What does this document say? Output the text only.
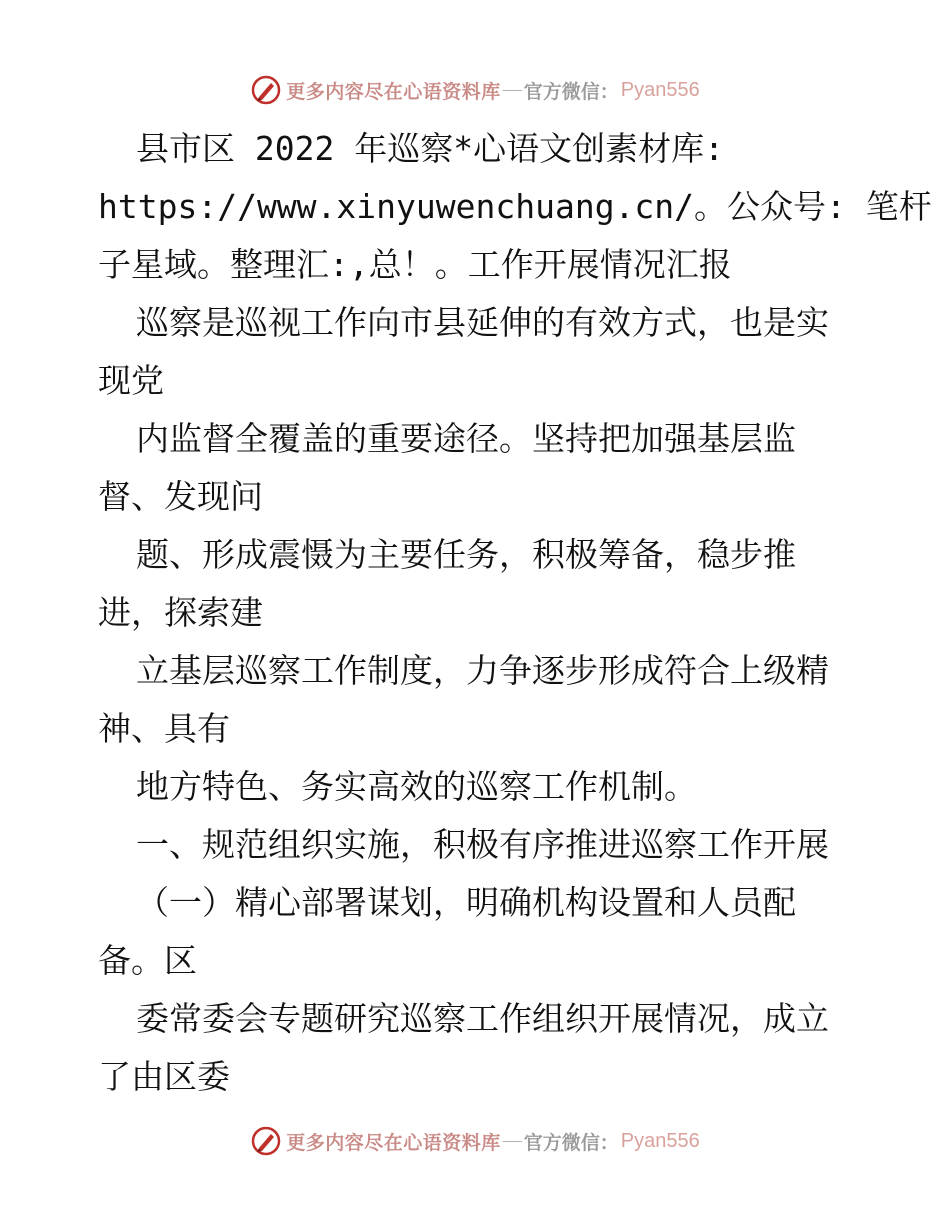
更多内容尽在心语资料库 — 官方微信： Pyan556
县市区 2022 年巡察*心语文创素材库:
https://www.xinyuwenchuang.cn/。公众号: 笔杆
子星域。整理汇:,总！。工作开展情况汇报
巡察是巡视工作向市县延伸的有效方式，也是实
现党
内监督全覆盖的重要途径。坚持把加强基层监
督、发现问
题、形成震慑为主要任务，积极筹备，稳步推
进，探索建
立基层巡察工作制度，力争逐步形成符合上级精
神、具有
地方特色、务实高效的巡察工作机制。
一、规范组织实施，积极有序推进巡察工作开展
（一）精心部署谋划，明确机构设置和人员配
备。区
委常委会专题研究巡察工作组织开展情况，成立
了由区委
更多内容尽在心语资料库 — 官方微信： Pyan556
